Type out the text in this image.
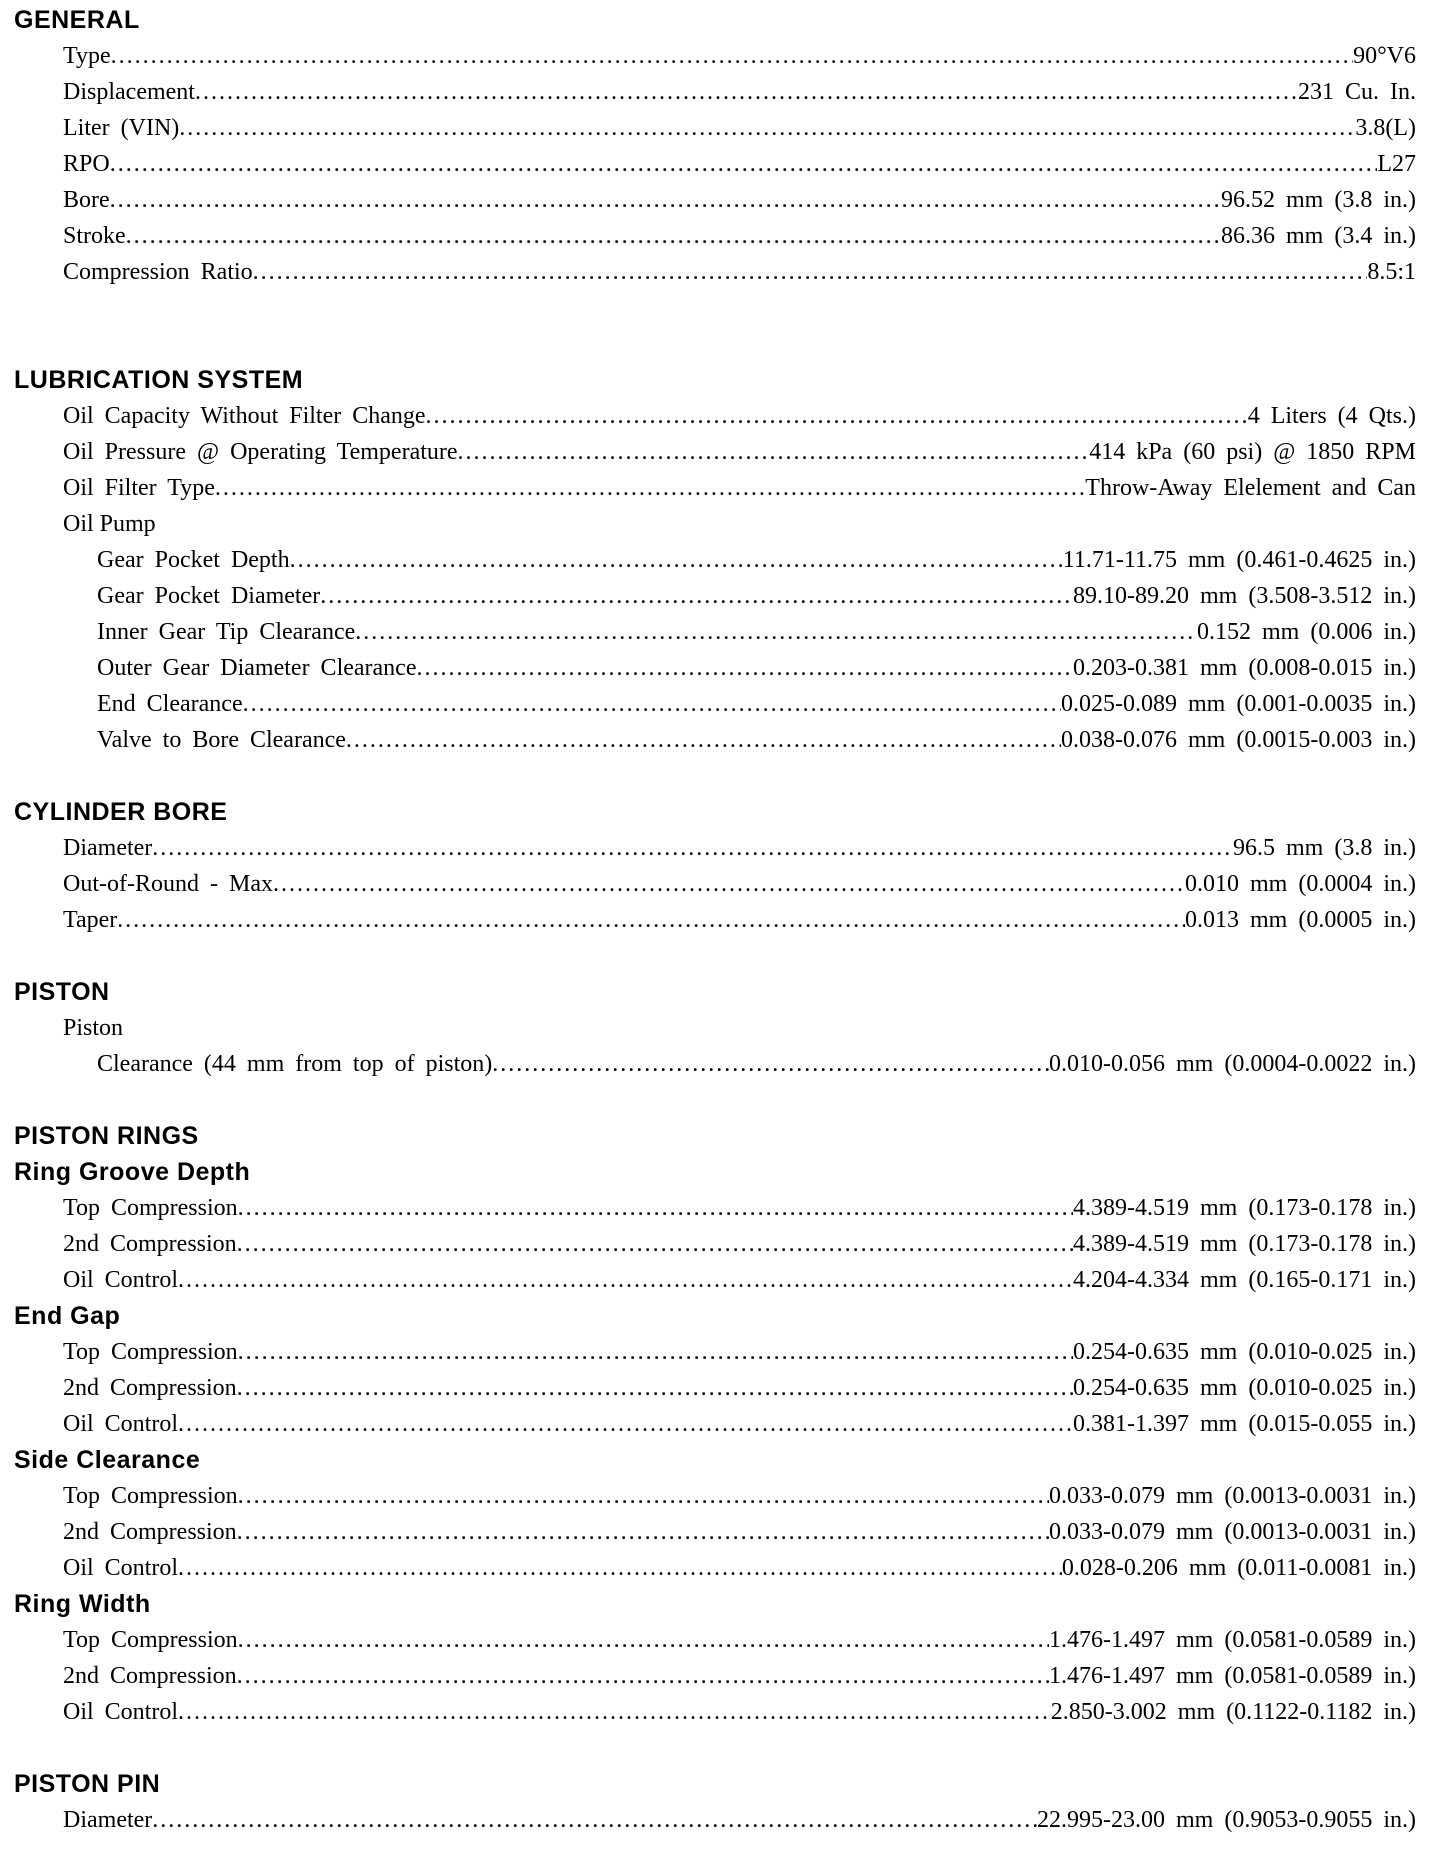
GENERAL
Type .....	90°V6
Displacement .....	231 Cu. In.
Liter (VIN) .....	3.8(L)
RPO .....	L27
Bore .....	96.52 mm (3.8 in.)
Stroke .....	86.36 mm (3.4 in.)
Compression Ratio .....	8.5:1
LUBRICATION SYSTEM
Oil Capacity Without Filter Change .....	4 Liters (4 Qts.)
Oil Pressure @ Operating Temperature .....	414 kPa (60 psi) @ 1850 RPM
Oil Filter Type .....	Throw-Away Elelement and Can
Oil Pump
Gear Pocket Depth .....	11.71-11.75 mm (0.461-0.4625 in.)
Gear Pocket Diameter .....	89.10-89.20 mm (3.508-3.512 in.)
Inner Gear Tip Clearance .....	0.152 mm (0.006 in.)
Outer Gear Diameter Clearance .....	0.203-0.381 mm (0.008-0.015 in.)
End Clearance .....	0.025-0.089 mm (0.001-0.0035 in.)
Valve to Bore Clearance .....	0.038-0.076 mm (0.0015-0.003 in.)
CYLINDER BORE
Diameter .....	96.5 mm (3.8 in.)
Out-of-Round - Max .....	0.010 mm (0.0004 in.)
Taper .....	0.013 mm (0.0005 in.)
PISTON
Piston
Clearance (44 mm from top of piston) .....	0.010-0.056 mm (0.0004-0.0022 in.)
PISTON RINGS
Ring Groove Depth
Top Compression .....	4.389-4.519 mm (0.173-0.178 in.)
2nd Compression .....	4.389-4.519 mm (0.173-0.178 in.)
Oil Control .....	4.204-4.334 mm (0.165-0.171 in.)
End Gap
Top Compression .....	0.254-0.635 mm (0.010-0.025 in.)
2nd Compression .....	0.254-0.635 mm (0.010-0.025 in.)
Oil Control .....	0.381-1.397 mm (0.015-0.055 in.)
Side Clearance
Top Compression .....	0.033-0.079 mm (0.0013-0.0031 in.)
2nd Compression .....	0.033-0.079 mm (0.0013-0.0031 in.)
Oil Control .....	0.028-0.206 mm (0.011-0.0081 in.)
Ring Width
Top Compression .....	1.476-1.497 mm (0.0581-0.0589 in.)
2nd Compression .....	1.476-1.497 mm (0.0581-0.0589 in.)
Oil Control .....	2.850-3.002 mm (0.1122-0.1182 in.)
PISTON PIN
Diameter .....	22.995-23.00 mm (0.9053-0.9055 in.)
